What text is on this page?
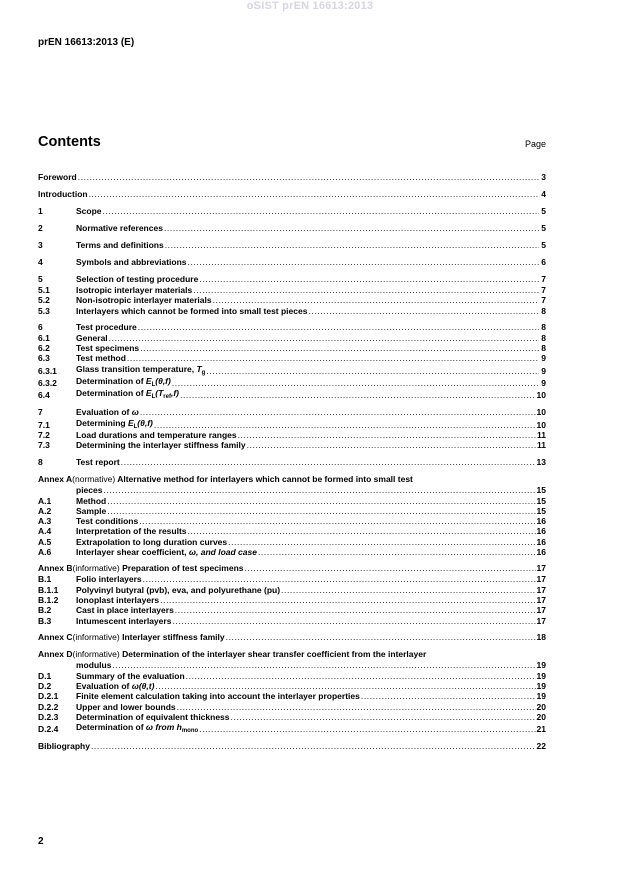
oSIST prEN 16613:2013
prEN 16613:2013 (E)
Contents	Page
Foreword .....	3
Introduction .....	4
1	Scope .....	5
2	Normative references .....	5
3	Terms and definitions .....	5
4	Symbols and abbreviations .....	6
5	Selection of testing procedure .....	7
5.1	Isotropic interlayer materials .....	7
5.2	Non-isotropic interlayer materials .....	7
5.3	Interlayers which cannot be formed into small test pieces .....	8
6	Test procedure .....	8
6.1	General .....	8
6.2	Test specimens .....	8
6.3	Test method .....	9
6.3.1	Glass transition temperature, $T_g$ .....	9
6.3.2	Determination of $E_L(\theta,f)$ .....	9
6.4	Determination of $E_L(T_{ref},f)$ .....	10
7	Evaluation of ω .....	10
7.1	Determining $E_L(\theta,f)$ .....	10
7.2	Load durations and temperature ranges .....	11
7.3	Determining the interlayer stiffness family .....	11
8	Test report .....	13
Annex A (normative) Alternative method for interlayers which cannot be formed into small test
pieces .....	15
A.1	Method .....	15
A.2	Sample .....	15
A.3	Test conditions .....	16
A.4	Interpretation of the results .....	16
A.5	Extrapolation to long duration curves .....	16
A.6	Interlayer shear coefficient, ω, and load case .....	16
Annex B (informative) Preparation of test specimens .....	17
B.1	Folio interlayers .....	17
B.1.1	Polyvinyl butyral (pvb), eva, and polyurethane (pu) .....	17
B.1.2	Ionoplast interlayers .....	17
B.2	Cast in place interlayers .....	17
B.3	Intumescent interlayers .....	17
Annex C (informative) Interlayer stiffness family .....	18
Annex D (informative) Determination of the interlayer shear transfer coefficient from the interlayer
modulus .....	19
D.1	Summary of the evaluation .....	19
D.2	Evaluation of ω(θ,t) .....	19
D.2.1	Finite element calculation taking into account the interlayer properties .....	19
D.2.2	Upper and lower bounds .....	20
D.2.3	Determination of equivalent thickness .....	20
D.2.4	Determination of ω from $h_{mono}$ .....	21
Bibliography .....	22
2
